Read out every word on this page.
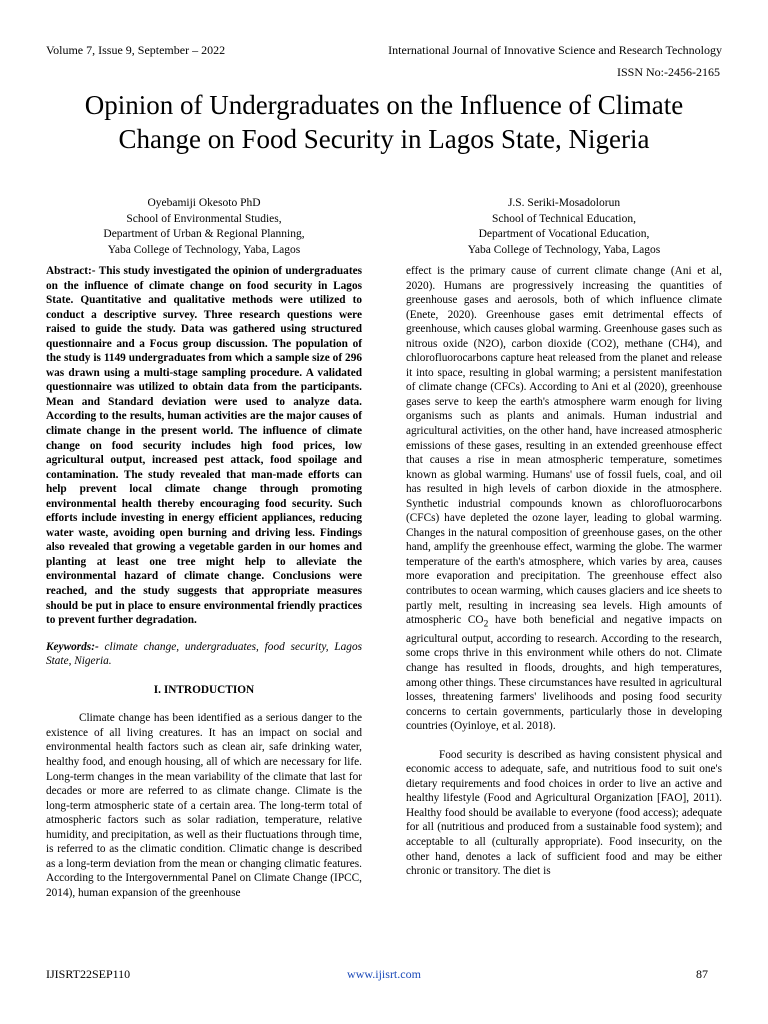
Volume 7, Issue 9, September – 2022	International Journal of Innovative Science and Research Technology
ISSN No:-2456-2165
Opinion of Undergraduates on the Influence of Climate Change on Food Security in Lagos State, Nigeria
Oyebamiji Okesoto PhD
School of Environmental Studies,
Department of Urban & Regional Planning,
Yaba College of Technology, Yaba, Lagos
J.S. Seriki-Mosadolorun
School of Technical Education,
Department of Vocational Education,
Yaba College of Technology, Yaba, Lagos

Abstract:- This study investigated the opinion of undergraduates on the influence of climate change on food security in Lagos State. Quantitative and qualitative methods were utilized to conduct a descriptive survey. Three research questions were raised to guide the study. Data was gathered using structured questionnaire and a Focus group discussion. The population of the study is 1149 undergraduates from which a sample size of 296 was drawn using a multi-stage sampling procedure. A validated questionnaire was utilized to obtain data from the participants. Mean and Standard deviation were used to analyze data. According to the results, human activities are the major causes of climate change in the present world. The influence of climate change on food security includes high food prices, low agricultural output, increased pest attack, food spoilage and contamination. The study revealed that man-made efforts can help prevent local climate change through promoting environmental health thereby encouraging food security. Such efforts include investing in energy efficient appliances, reducing water waste, avoiding open burning and driving less. Findings also revealed that growing a vegetable garden in our homes and planting at least one tree might help to alleviate the environmental hazard of climate change. Conclusions were reached, and the study suggests that appropriate measures should be put in place to ensure environmental friendly practices to prevent further degradation.

Keywords:- climate change, undergraduates, food security, Lagos State, Nigeria.

I. INTRODUCTION

Climate change has been identified as a serious danger to the existence of all living creatures. It has an impact on social and environmental health factors such as clean air, safe drinking water, healthy food, and enough housing, all of which are necessary for life. Long-term changes in the mean variability of the climate that last for decades or more are referred to as climate change. Climate is the long-term atmospheric state of a certain area. The long-term total of atmospheric factors such as solar radiation, temperature, relative humidity, and precipitation, as well as their fluctuations through time, is referred to as the climatic condition. Climatic change is described as a long-term deviation from the mean or changing climatic features. According to the Intergovernmental Panel on Climate Change (IPCC, 2014), human expansion of the greenhouse

effect is the primary cause of current climate change (Ani et al, 2020). Humans are progressively increasing the quantities of greenhouse gases and aerosols, both of which influence climate (Enete, 2020). Greenhouse gases emit detrimental effects of greenhouse, which causes global warming. Greenhouse gases such as nitrous oxide (N2O), carbon dioxide (CO2), methane (CH4), and chlorofluorocarbons capture heat released from the planet and release it into space, resulting in global warming; a persistent manifestation of climate change (CFCs). According to Ani et al (2020), greenhouse gases serve to keep the earth's atmosphere warm enough for living organisms such as plants and animals. Human industrial and agricultural activities, on the other hand, have increased atmospheric emissions of these gases, resulting in an extended greenhouse effect that causes a rise in mean atmospheric temperature, sometimes known as global warming. Humans' use of fossil fuels, coal, and oil has resulted in high levels of carbon dioxide in the atmosphere. Synthetic industrial compounds known as chlorofluorocarbons (CFCs) have depleted the ozone layer, leading to global warming. Changes in the natural composition of greenhouse gases, on the other hand, amplify the greenhouse effect, warming the globe. The warmer temperature of the earth's atmosphere, which varies by area, causes more evaporation and precipitation. The greenhouse effect also contributes to ocean warming, which causes glaciers and ice sheets to partly melt, resulting in increasing sea levels. High amounts of atmospheric $CO_2$ have both beneficial and negative impacts on agricultural output, according to research. According to the research, some crops thrive in this environment while others do not. Climate change has resulted in floods, droughts, and high temperatures, among other things. These circumstances have resulted in agricultural losses, threatening farmers' livelihoods and posing food security concerns to certain governments, particularly those in developing countries (Oyinloye, et al. 2018).

Food security is described as having consistent physical and economic access to adequate, safe, and nutritious food to suit one's dietary requirements and food choices in order to live an active and healthy lifestyle (Food and Agricultural Organization [FAO], 2011). Healthy food should be available to everyone (food access); adequate for all (nutritious and produced from a sustainable food system); and acceptable to all (culturally appropriate). Food insecurity, on the other hand, denotes a lack of sufficient food and may be either chronic or transitory. The diet is

IJISRT22SEP110	www.ijisrt.com	87
